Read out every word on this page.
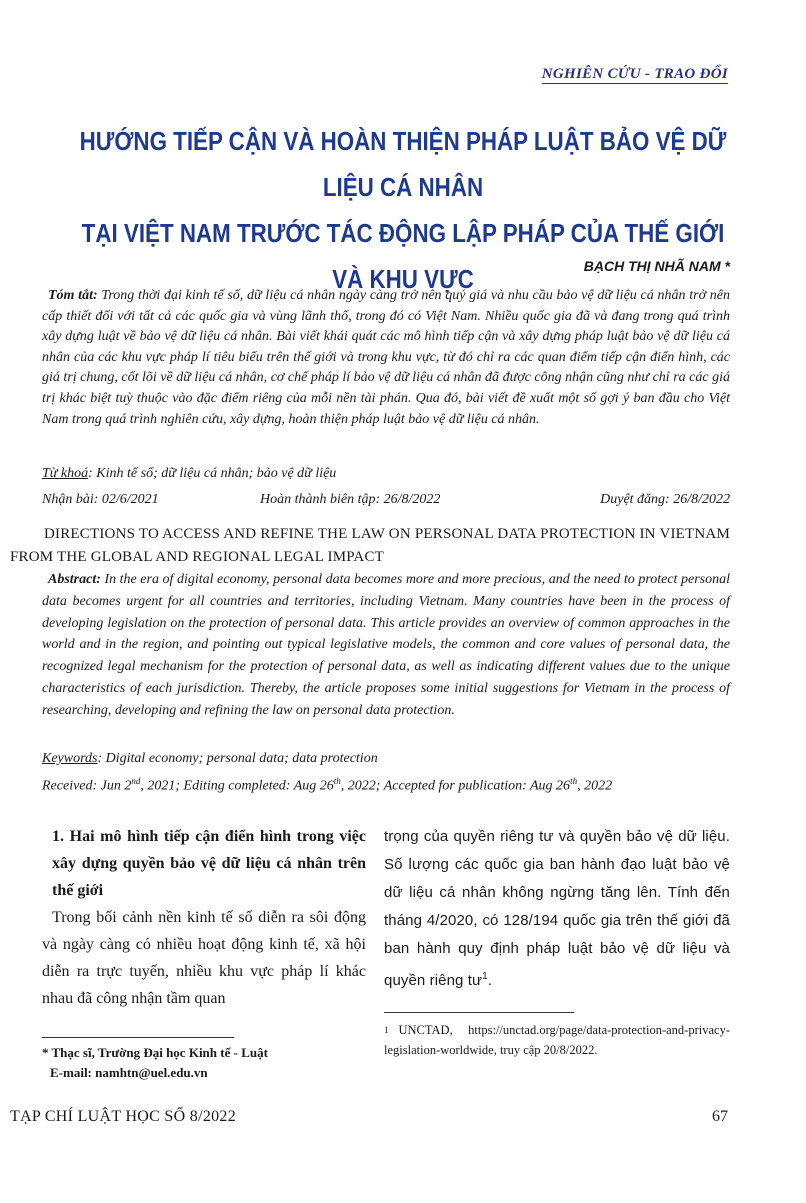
NGHIÊN CỨU - TRAO ĐỔI
HƯỚNG TIẾP CẬN VÀ HOÀN THIỆN PHÁP LUẬT BẢO VỆ DỮ LIỆU CÁ NHÂN
TẠI VIỆT NAM TRƯỚC TÁC ĐỘNG LẬP PHÁP CỦA THẾ GIỚI VÀ KHU VỰC	BẠCH THỊ NHÃ NAM *
Tóm tắt: Trong thời đại kinh tế số, dữ liệu cá nhân ngày càng trở nên quý giá và nhu cầu bảo vệ dữ liệu cá nhân trở nên cấp thiết đối với tất cả các quốc gia và vùng lãnh thổ, trong đó có Việt Nam. Nhiều quốc gia đã và đang trong quá trình xây dựng luật về bảo vệ dữ liệu cá nhân. Bài viết khái quát các mô hình tiếp cận và xây dựng pháp luật bảo vệ dữ liệu cá nhân của các khu vực pháp lí tiêu biểu trên thế giới và trong khu vực, từ đó chỉ ra các quan điểm tiếp cận điển hình, các giá trị chung, cốt lõi về dữ liệu cá nhân, cơ chế pháp lí bảo vệ dữ liệu cá nhân đã được công nhận cũng như chỉ ra các giá trị khác biệt tuỳ thuộc vào đặc điểm riêng của mỗi nền tài phán. Qua đó, bài viết đề xuất một số gợi ý ban đầu cho Việt Nam trong quá trình nghiên cứu, xây dựng, hoàn thiện pháp luật bảo vệ dữ liệu cá nhân.
Từ khoá: Kinh tế số; dữ liệu cá nhân; bảo vệ dữ liệu
Nhận bài: 02/6/2021	Hoàn thành biên tập: 26/8/2022	Duyệt đăng: 26/8/2022
DIRECTIONS TO ACCESS AND REFINE THE LAW ON PERSONAL DATA PROTECTION IN VIETNAM FROM THE GLOBAL AND REGIONAL LEGAL IMPACT
Abstract: In the era of digital economy, personal data becomes more and more precious, and the need to protect personal data becomes urgent for all countries and territories, including Vietnam. Many countries have been in the process of developing legislation on the protection of personal data. This article provides an overview of common approaches in the world and in the region, and pointing out typical legislative models, the common and core values of personal data, the recognized legal mechanism for the protection of personal data, as well as indicating different values due to the unique characteristics of each jurisdiction. Thereby, the article proposes some initial suggestions for Vietnam in the process of researching, developing and refining the law on personal data protection.
Keywords: Digital economy; personal data; data protection
Received: Jun 2nd, 2021; Editing completed: Aug 26th, 2022; Accepted for publication: Aug 26th, 2022
1. Hai mô hình tiếp cận điển hình trong việc xây dựng quyền bảo vệ dữ liệu cá nhân trên thế giới
Trong bối cảnh nền kinh tế số diễn ra sôi động và ngày càng có nhiều hoạt động kinh tế, xã hội diễn ra trực tuyến, nhiều khu vực pháp lí khác nhau đã công nhận tầm quan
trọng của quyền riêng tư và quyền bảo vệ dữ liệu. Số lượng các quốc gia ban hành đạo luật bảo vệ dữ liệu cá nhân không ngừng tăng lên. Tính đến tháng 4/2020, có 128/194 quốc gia trên thế giới đã ban hành quy định pháp luật bảo vệ dữ liệu và quyền riêng $tư^1$.
* Thạc sĩ, Trường Đại học Kinh tế - Luật
E-mail: namhtn@uel.edu.vn
$^1$ UNCTAD, https://unctad.org/page/data-protection-and-privacy-legislation-worldwide, truy cập 20/8/2022.
TẠP CHÍ LUẬT HỌC SỐ 8/2022	67
